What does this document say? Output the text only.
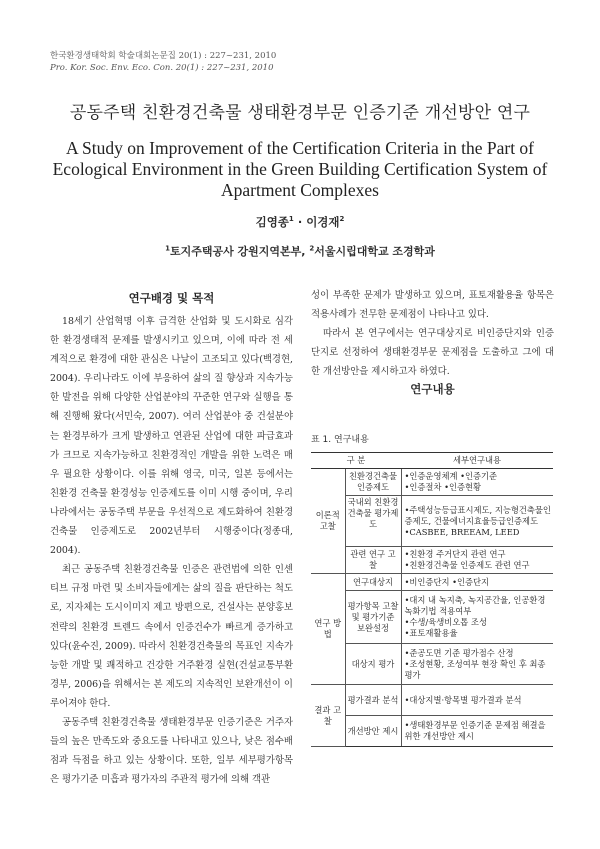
한국환경생태학회 학술대회논문집 20(1) : 227~231, 2010
Pro. Kor. Soc. Env. Eco. Con. 20(1) : 227~231, 2010
공동주택 친환경건축물 생태환경부문 인증기준 개선방안 연구
A Study on Improvement of the Certification Criteria in the Part of Ecological Environment in the Green Building Certification System of Apartment Complexes
김영종$^1$ · 이경재$^2$
$^1$토지주택공사 강원지역본부, $^2$서울시립대학교 조경학과
연구배경 및 목적

18세기 산업혁명 이후 급격한 산업화 및 도시화로 심각한 환경생태적 문제를 발생시키고 있으며, 이에 따라 전 세계적으로 환경에 대한 관심은 나날이 고조되고 있다(백경현, 2004). 우리나라도 이에 부응하여 삶의 질 향상과 지속가능한 발전을 위해 다양한 산업분야의 꾸준한 연구와 실행을 통해 진행해 왔다(서민숙, 2007). 여러 산업분야 중 건설분야는 환경부하가 크게 발생하고 연관된 산업에 대한 파급효과가 크므로 지속가능하고 친환경적인 개발을 위한 노력은 매우 필요한 상황이다. 이를 위해 영국, 미국, 일본 등에서는 친환경 건축물 환경성능 인증제도를 이미 시행 중이며, 우리나라에서는 공동주택 부문을 우선적으로 제도화하여 친환경건축물 인증제도로 2002년부터 시행중이다(정종대, 2004).

최근 공동주택 친환경건축물 인증은 관련법에 의한 인센티브 규정 마련 및 소비자들에게는 삶의 질을 판단하는 척도로, 지자체는 도시이미지 제고 방편으로, 건설사는 분양홍보 전략의 친환경 트렌드 속에서 인증건수가 빠르게 증가하고 있다(윤수진, 2009). 따라서 친환경건축물의 목표인 지속가능한 개발 및 쾌적하고 건강한 거주환경 실현(건설교통부환경부, 2006)을 위해서는 본 제도의 지속적인 보완개선이 이루어져야 한다.

공동주택 친환경건축물 생태환경부문 인증기준은 거주자들의 높은 만족도와 중요도를 나타내고 있으나, 낮은 점수배점과 득점을 하고 있는 상황이다. 또한, 일부 세부평가항목은 평가기준 미흡과 평가자의 주관적 평가에 의해 객관

성이 부족한 문제가 발생하고 있으며, 표토재활용율 항목은 적용사례가 전무한 문제점이 나타나고 있다.

따라서 본 연구에서는 연구대상지로 비인증단지와 인증단지로 선정하여 생태환경부문 문제점을 도출하고 그에 대한 개선방안을 제시하고자 하였다.

연구내용
표 1. 연구내용
구 분		세부연구내용
이론적 고찰	친환경건축물 인증제도	•인증운영체계 •인증기준
•인증절차 •인증현황
	국내외 친환경 건축물 평가제도	•주택성능등급표시제도, 지능형건축물인증제도, 건물에너지효율등급인증제도
•CASBEE, BREEAM, LEED
	관련 연구 고찰	•친환경 주거단지 관련 연구
•친환경건축물 인증제도 관련 연구
연구 방법	연구대상지	•비인증단지 •인증단지
	평가항목 고찰 및 평가기준 보완설정	•대지 내 녹지축, 녹지공간율, 인공환경 녹화기법 적용여부
•수생/육생비오톱 조성
•표토재활용율
	대상지 평가	•준공도면 기준 평가점수 산정
•조성현황, 조성여부 현장 확인 후 최종평가
결과 고찰	평가결과 분석	•대상지별·항목별 평가결과 분석
	개선방안 제시	•생태환경부문 인증기준 문제점 해결을 위한 개선방안 제시
